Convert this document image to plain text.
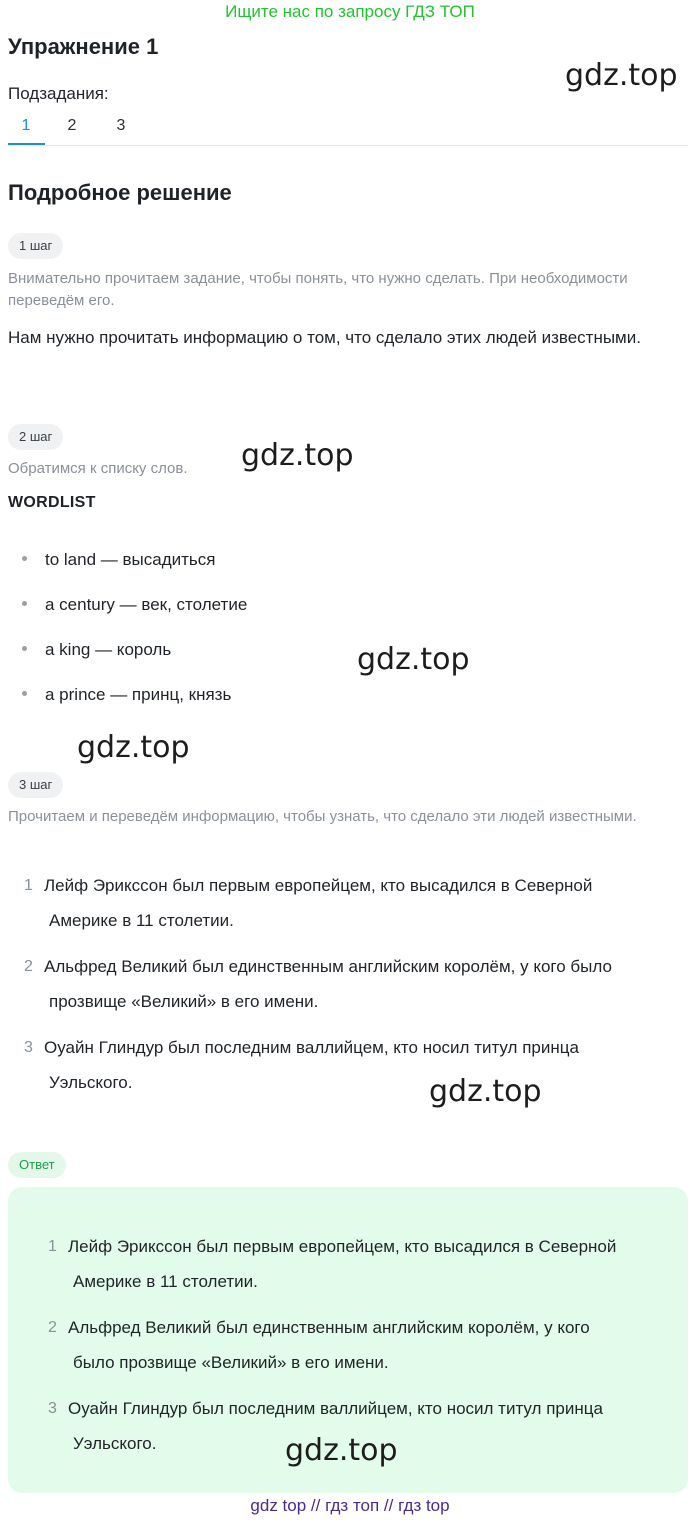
Ищите нас по запросу ГДЗ ТОП
Упражнение 1
Подзадания:
1	2	3
Подробное решение
1 шаг
Внимательно прочитаем задание, чтобы понять, что нужно сделать. При необходимости переведём его.
Нам нужно прочитать информацию о том, что сделало этих людей известными.
2 шаг
Обратимся к списку слов.
WORDLIST
to land — высадиться
a century — век, столетие
a king — король
a prince — принц, князь
3 шаг
Прочитаем и переведём информацию, чтобы узнать, что сделало эти людей известными.
1 Лейф Эрикссон был первым европейцем, кто высадился в Северной
Америке в 11 столетии.
2 Альфред Великий был единственным английским королём, у кого было
прозвище «Великий» в его имени.
3 Оуайн Глиндур был последним валлийцем, кто носил титул принца
Уэльского.
Ответ
1 Лейф Эрикссон был первым европейцем, кто высадился в Северной
Америке в 11 столетии.
2 Альфред Великий был единственным английским королём, у кого
было прозвище «Великий» в его имени.
3 Оуайн Глиндур был последним валлийцем, кто носил титул принца
Уэльского.
gdz.top
gdz.top
gdz.top
gdz.top
gdz.top
gdz.top
gdz top // гдз топ // гдз top
